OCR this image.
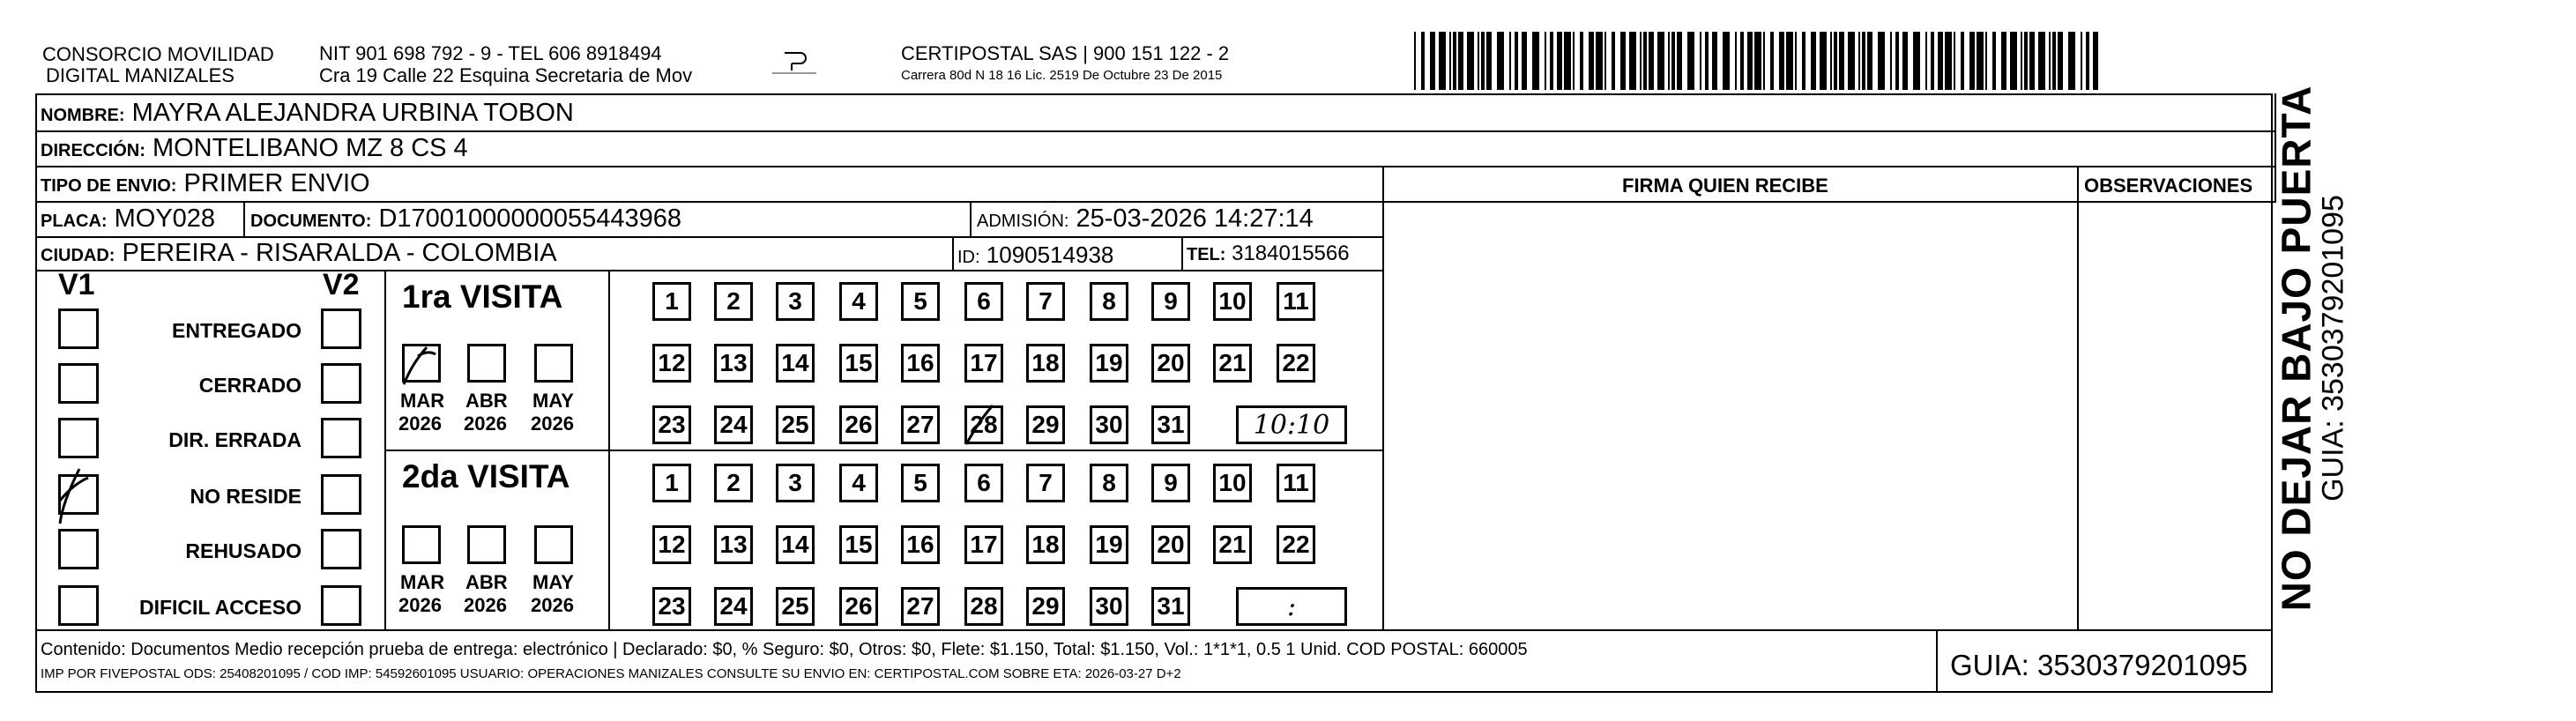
CONSORCIO MOVILIDAD
DIGITAL MANIZALES
NIT 901 698 792 - 9 - TEL 606 8918494
Cra 19 Calle 22 Esquina Secretaria de Mov
CERTIPOSTAL SAS | 900 151 122 - 2
Carrera 80d N 18 16 Lic. 2519 De Octubre 23 De 2015
NOMBRE: MAYRA ALEJANDRA URBINA TOBON
DIRECCIÓN: MONTELIBANO MZ 8 CS 4
TIPO DE ENVIO: PRIMER ENVIO	FIRMA QUIEN RECIBE	OBSERVACIONES
PLACA: MOY028 DOCUMENTO: D17001000000055443968	ADMISIÓN: 25-03-2026 14:27:14
CIUDAD: PEREIRA - RISARALDA - COLOMBIA	ID: 1090514938	TEL: 3184015566
V1	V2
ENTREGADO
CERRADO
DIR. ERRADA
NO RESIDE
REHUSADO
DIFICIL ACCESO
1ra VISITA
2da VISITA
1	2	3	4	5	6	7	8	9	10 11
12 13 14 15 16 17 18 19 20 21 22
23 24 25 26 27 28 29 30 31	10:10
MAR
2026
ABR
2026
MAY
2026
1	2	3	4	5	6	7	8	9	10 11
12 13 14 15 16 17 18 19 20 21 22
23 24 25 26 27 28 29 30 31	:
MAR
2026
ABR
2026
MAY
2026	NO DEJAR BAJO PUERTA
GUIA: 3530379201095
Contenido: Documentos Medio recepción prueba de entrega: electrónico | Declarado: $0, % Seguro: $0, Otros: $0, Flete: $1.150, Total: $1.150, Vol.: 1*1*1, 0.5 1 Unid. COD POSTAL: 660005
IMP POR FIVEPOSTAL ODS: 25408201095 / COD IMP: 54592601095 USUARIO: OPERACIONES MANIZALES CONSULTE SU ENVIO EN: CERTIPOSTAL.COM SOBRE ETA: 2026-03-27 D+2	GUIA: 3530379201095
